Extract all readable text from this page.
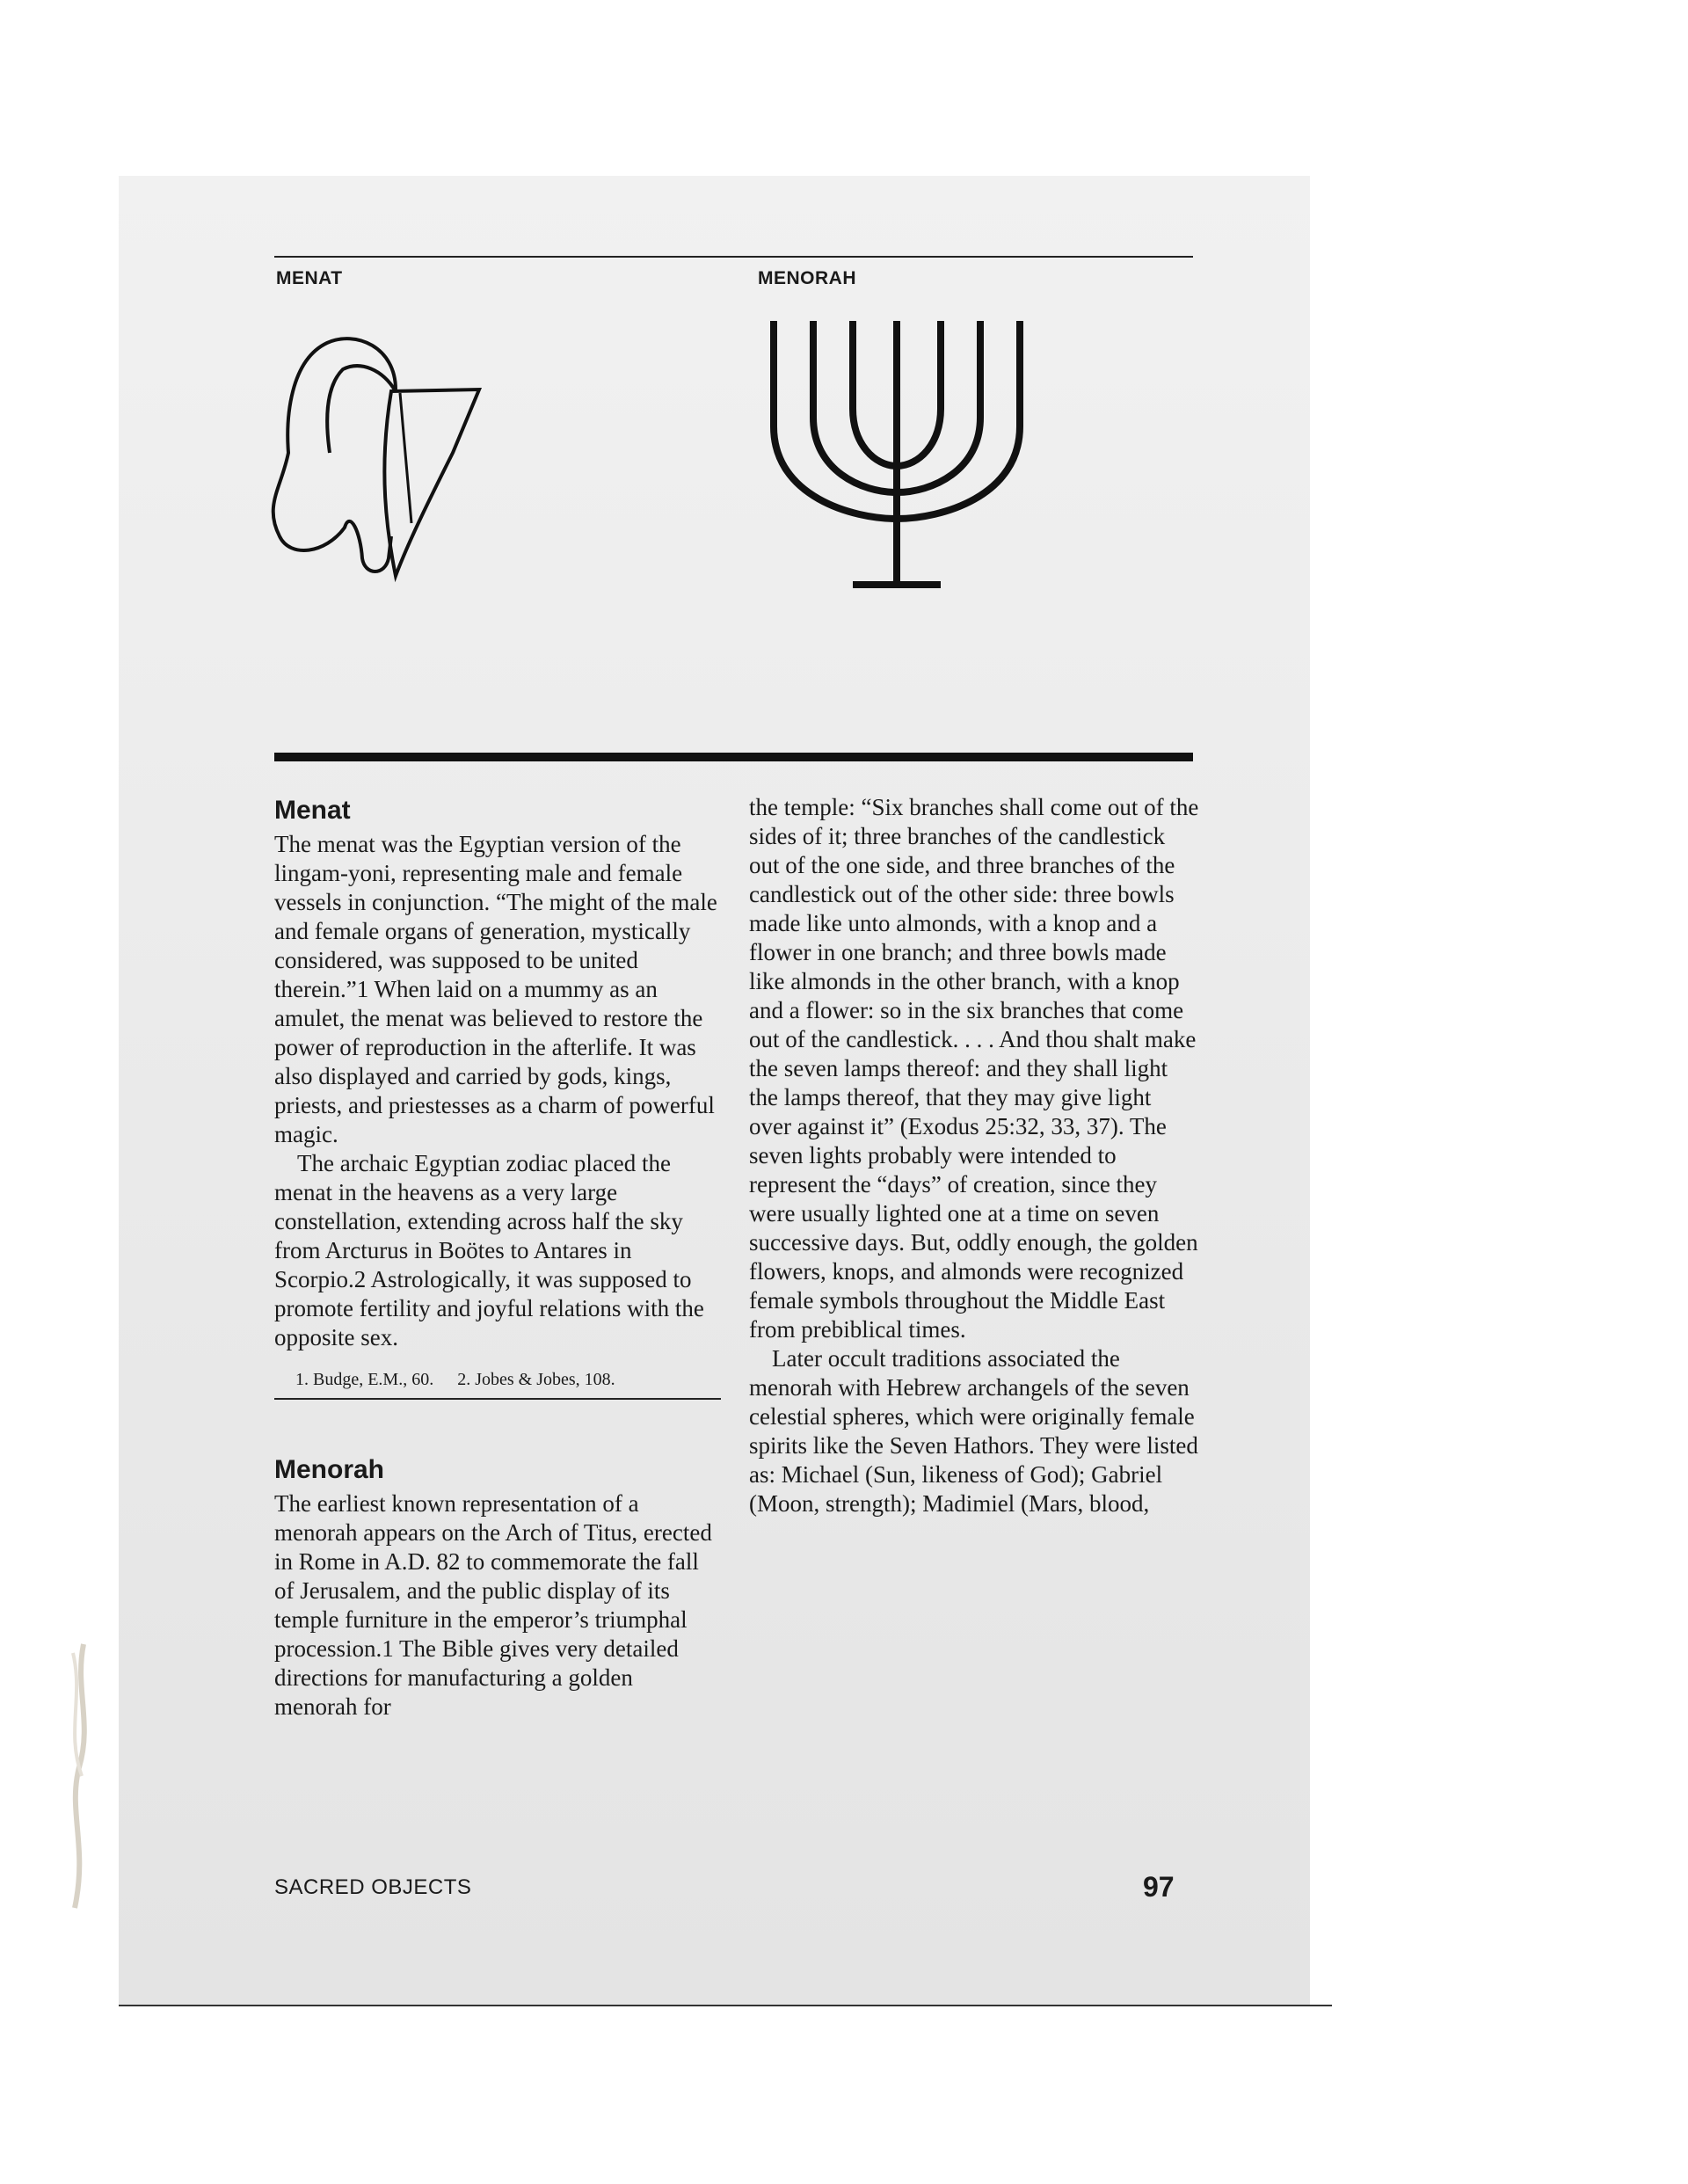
MENAT	MENORAH
Menat

The menat was the Egyptian version of the lingam-yoni, representing male and female vessels in conjunction. “The might of the male and female organs of generation, mystically considered, was supposed to be united therein.”1 When laid on a mummy as an amulet, the menat was believed to restore the power of reproduction in the afterlife. It was also displayed and carried by gods, kings, priests, and priestesses as a charm of powerful magic.

The archaic Egyptian zodiac placed the menat in the heavens as a very large constellation, extending across half the sky from Arcturus in Boötes to Antares in Scorpio.2 Astrologically, it was supposed to promote fertility and joyful relations with the opposite sex.

1. Budge, E.M., 60. 2. Jobes & Jobes, 108.
Menorah

The earliest known representation of a menorah appears on the Arch of Titus, erected in Rome in A.D. 82 to commemorate the fall of Jerusalem, and the public display of its temple furniture in the emperor’s triumphal procession.1 The Bible gives very detailed directions for manufacturing a golden menorah for

the temple: “Six branches shall come out of the sides of it; three branches of the candlestick out of the one side, and three branches of the candlestick out of the other side: three bowls made like unto almonds, with a knop and a flower in one branch; and three bowls made like almonds in the other branch, with a knop and a flower: so in the six branches that come out of the candlestick. . . . And thou shalt make the seven lamps thereof: and they shall light the lamps thereof, that they may give light over against it” (Exodus 25:32, 33, 37). The seven lights probably were intended to represent the “days” of creation, since they were usually lighted one at a time on seven successive days. But, oddly enough, the golden flowers, knops, and almonds were recognized female symbols throughout the Middle East from prebiblical times.

Later occult traditions associated the menorah with Hebrew archangels of the seven celestial spheres, which were originally female spirits like the Seven Hathors. They were listed as: Michael (Sun, likeness of God); Gabriel (Moon, strength); Madimiel (Mars, blood,

SACRED OBJECTS	97
